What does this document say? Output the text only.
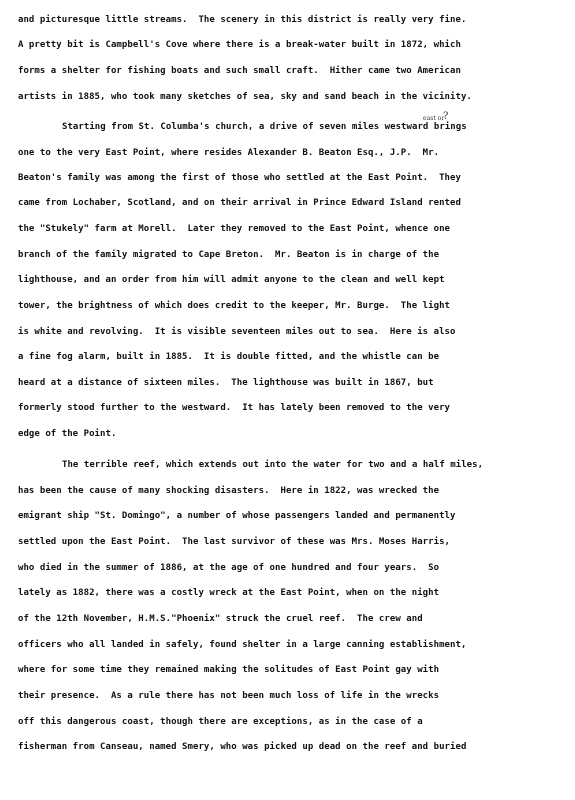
and picturesque little streams.  The scenery in this district is really very fine.
A pretty bit is Campbell's Cove where there is a break-water built in 1872, which
forms a shelter for fishing boats and such small craft.  Hither came two American
artists in 1885, who took many sketches of sea, sky and sand beach in the vicinity.
east or
?
Starting from St. Columba's church, a drive of seven miles westward brings
one to the very East Point, where resides Alexander B. Beaton Esq., J.P.  Mr.
Beaton's family was among the first of those who settled at the East Point.  They
came from Lochaber, Scotland, and on their arrival in Prince Edward Island rented
the "Stukely" farm at Morell.  Later they removed to the East Point, whence one
branch of the family migrated to Cape Breton.  Mr. Beaton is in charge of the
lighthouse, and an order from him will admit anyone to the clean and well kept
tower, the brightness of which does credit to the keeper, Mr. Burge.  The light
is white and revolving.  It is visible seventeen miles out to sea.  Here is also
a fine fog alarm, built in 1885.  It is double fitted, and the whistle can be
heard at a distance of sixteen miles.  The lighthouse was built in 1867, but
formerly stood further to the westward.  It has lately been removed to the very
edge of the Point.
The terrible reef, which extends out into the water for two and a half miles,
has been the cause of many shocking disasters.  Here in 1822, was wrecked the
emigrant ship "St. Domingo", a number of whose passengers landed and permanently
settled upon the East Point.  The last survivor of these was Mrs. Moses Harris,
who died in the summer of 1886, at the age of one hundred and four years.  So
lately as 1882, there was a costly wreck at the East Point, when on the night
of the 12th November, H.M.S."Phoenix" struck the cruel reef.  The crew and
officers who all landed in safely, found shelter in a large canning establishment,
where for some time they remained making the solitudes of East Point gay with
their presence.  As a rule there has not been much loss of life in the wrecks
off this dangerous coast, though there are exceptions, as in the case of a
fisherman from Canseau, named Smery, who was picked up dead on the reef and buried
